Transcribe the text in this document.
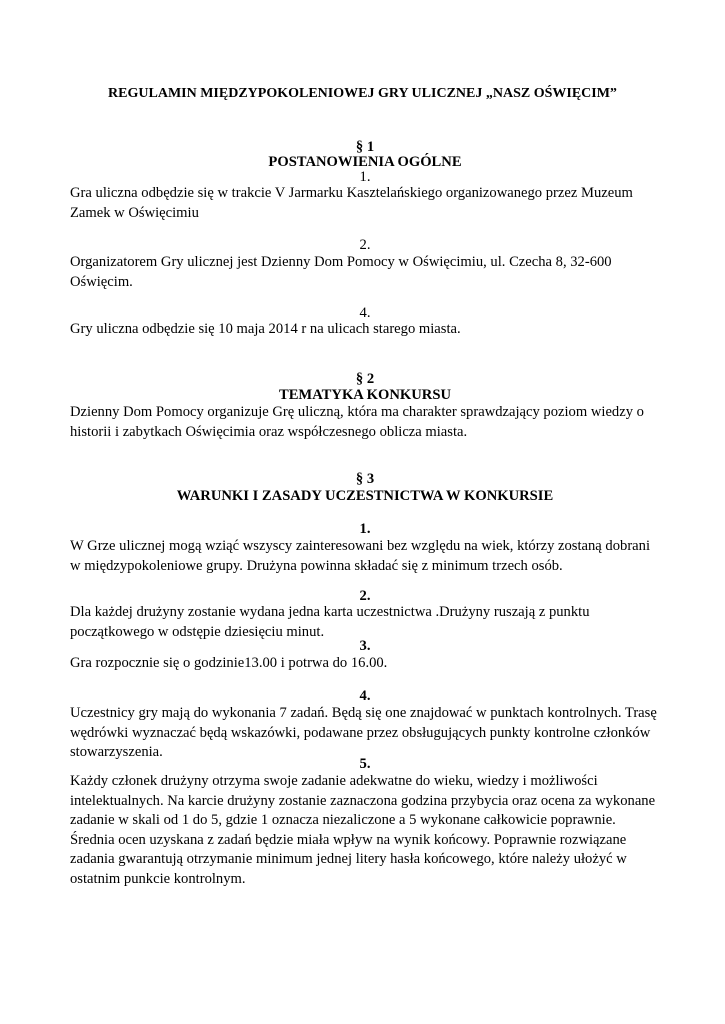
REGULAMIN MIĘDZYPOKOLENIOWEJ GRY ULICZNEJ „NASZ OŚWIĘCIM”
§ 1
POSTANOWIENIA OGÓLNE
1.

Gra uliczna odbędzie się w trakcie V Jarmarku Kasztelańskiego organizowanego przez Muzeum Zamek w Oświęcimiu

2.

Organizatorem Gry ulicznej jest Dzienny Dom Pomocy w Oświęcimiu, ul. Czecha 8, 32-600 Oświęcim.

4.

Gry uliczna odbędzie się 10 maja 2014 r na ulicach starego miasta.

§ 2
TEMATYKA KONKURSU

Dzienny Dom Pomocy organizuje Grę uliczną, która ma charakter sprawdzający poziom wiedzy o historii i zabytkach Oświęcimia oraz współczesnego oblicza miasta.

§ 3
WARUNKI I ZASADY UCZESTNICTWA W KONKURSIE
1.

W Grze ulicznej mogą wziąć wszyscy zainteresowani bez względu na wiek, którzy zostaną dobrani w międzypokoleniowe grupy. Drużyna powinna składać się z minimum trzech osób.

2.

Dla każdej drużyny zostanie wydana jedna karta uczestnictwa .Drużyny ruszają z punktu początkowego w odstępie dziesięciu minut.

3.

Gra rozpocznie się o godzinie13.00 i potrwa do 16.00.

4.

Uczestnicy gry mają do wykonania 7 zadań. Będą się one znajdować w punktach kontrolnych. Trasę wędrówki wyznaczać będą wskazówki, podawane przez obsługujących punkty kontrolne członków stowarzyszenia.

5.

Każdy członek drużyny otrzyma swoje zadanie adekwatne do wieku, wiedzy i możliwości intelektualnych. Na karcie drużyny zostanie zaznaczona godzina przybycia oraz ocena za wykonane zadanie w skali od 1 do 5, gdzie 1 oznacza niezaliczone a 5 wykonane całkowicie poprawnie. Średnia ocen uzyskana z zadań będzie miała wpływ na wynik końcowy. Poprawnie rozwiązane zadania gwarantują otrzymanie minimum jednej litery hasła końcowego, które należy ułożyć w ostatnim punkcie kontrolnym.
